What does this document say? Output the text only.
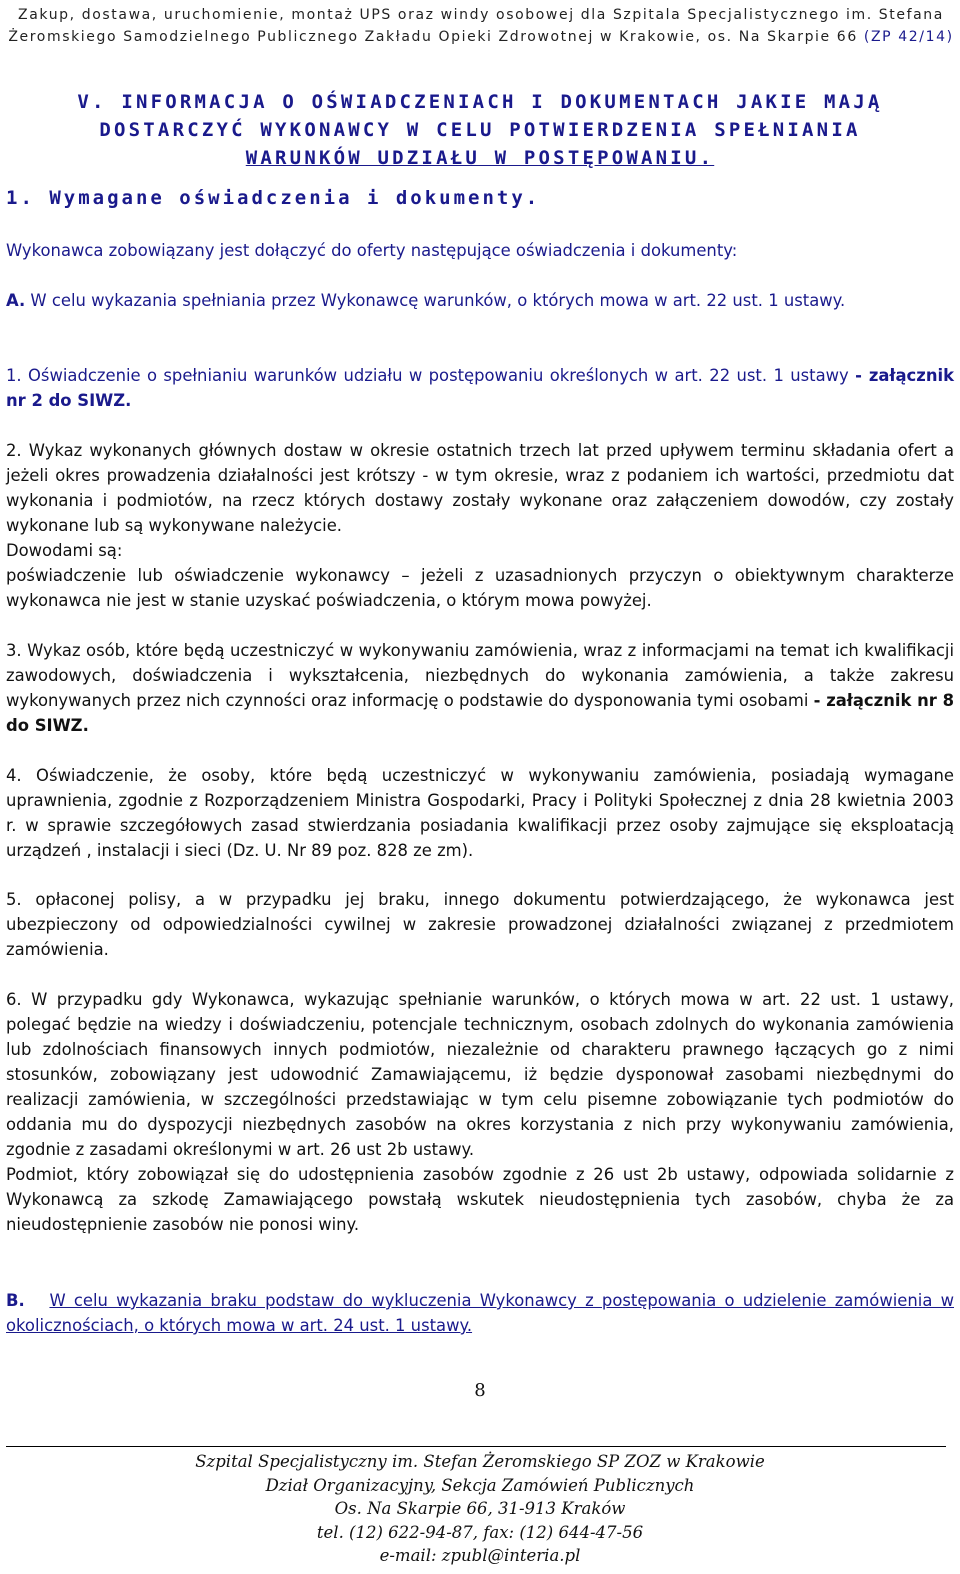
Zakup, dostawa, uruchomienie, montaż UPS oraz windy osobowej dla Szpitala Specjalistycznego im. Stefana
Żeromskiego Samodzielnego Publicznego Zakładu Opieki Zdrowotnej w Krakowie, os. Na Skarpie 66 (ZP 42/14)
V. INFORMACJA O OŚWIADCZENIACH I DOKUMENTACH JAKIE MAJĄ
DOSTARCZYĆ WYKONAWCY W CELU POTWIERDZENIA SPEŁNIANIA
WARUNKÓW UDZIAŁU W POSTĘPOWANIU.
1. Wymagane oświadczenia i dokumenty.
Wykonawca zobowiązany jest dołączyć do oferty następujące oświadczenia i dokumenty:
A. W celu wykazania spełniania przez Wykonawcę warunków, o których mowa w art. 22 ust. 1 ustawy.
1. Oświadczenie o spełnianiu warunków udziału w postępowaniu określonych w art. 22 ust. 1 ustawy - załącznik nr 2 do SIWZ.
2. Wykaz wykonanych głównych dostaw w okresie ostatnich trzech lat przed upływem terminu składania ofert a jeżeli okres prowadzenia działalności jest krótszy - w tym okresie, wraz z podaniem ich wartości, przedmiotu dat wykonania i podmiotów, na rzecz których dostawy zostały wykonane oraz załączeniem dowodów, czy zostały wykonane lub są wykonywane należycie.
Dowodami są:
poświadczenie lub oświadczenie wykonawcy – jeżeli z uzasadnionych przyczyn o obiektywnym charakterze wykonawca nie jest w stanie uzyskać poświadczenia, o którym mowa powyżej.
3. Wykaz osób, które będą uczestniczyć w wykonywaniu zamówienia, wraz z informacjami na temat ich kwalifikacji zawodowych, doświadczenia i wykształcenia, niezbędnych do wykonania zamówienia, a także zakresu wykonywanych przez nich czynności oraz informację o podstawie do dysponowania tymi osobami - załącznik nr 8 do SIWZ.
4. Oświadczenie, że osoby, które będą uczestniczyć w wykonywaniu zamówienia, posiadają wymagane uprawnienia, zgodnie z Rozporządzeniem Ministra Gospodarki, Pracy i Polityki Społecznej z dnia 28 kwietnia 2003 r. w sprawie szczegółowych zasad stwierdzania posiadania kwalifikacji przez osoby zajmujące się eksploatacją urządzeń , instalacji i sieci (Dz. U. Nr 89 poz. 828 ze zm).
5. opłaconej polisy, a w przypadku jej braku, innego dokumentu potwierdzającego, że wykonawca jest ubezpieczony od odpowiedzialności cywilnej w zakresie prowadzonej działalności związanej z przedmiotem zamówienia.
6. W przypadku gdy Wykonawca, wykazując spełnianie warunków, o których mowa w art. 22 ust. 1 ustawy, polegać będzie na wiedzy i doświadczeniu, potencjale technicznym, osobach zdolnych do wykonania zamówienia lub zdolnościach finansowych innych podmiotów, niezależnie od charakteru prawnego łączących go z nimi stosunków, zobowiązany jest udowodnić Zamawiającemu, iż będzie dysponował zasobami niezbędnymi do realizacji zamówienia, w szczególności przedstawiając w tym celu pisemne zobowiązanie tych podmiotów do oddania mu do dyspozycji niezbędnych zasobów na okres korzystania z nich przy wykonywaniu zamówienia, zgodnie z zasadami określonymi w art. 26 ust 2b ustawy.
Podmiot, który zobowiązał się do udostępnienia zasobów zgodnie z 26 ust 2b ustawy, odpowiada solidarnie z Wykonawcą za szkodę Zamawiającego powstałą wskutek nieudostępnienia tych zasobów, chyba że za nieudostępnienie zasobów nie ponosi winy.
B. W celu wykazania braku podstaw do wykluczenia Wykonawcy z postępowania o udzielenie zamówienia w okolicznościach, o których mowa w art. 24 ust. 1 ustawy.
8
Szpital Specjalistyczny im. Stefan Żeromskiego SP ZOZ w Krakowie
Dział Organizacyjny, Sekcja Zamówień Publicznych
Os. Na Skarpie 66, 31-913 Kraków
tel. (12) 622-94-87, fax: (12) 644-47-56
e-mail: zpubl@interia.pl
